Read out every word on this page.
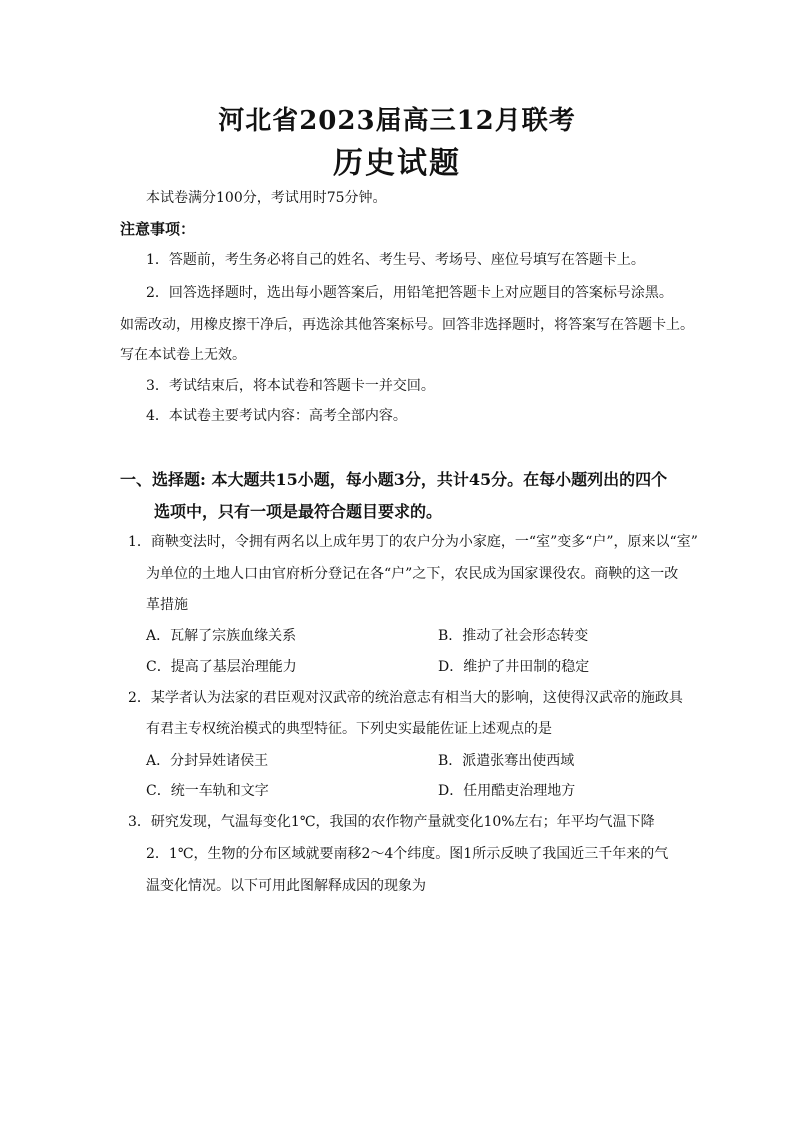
河北省2023届高三12月联考
历史试题
本试卷满分100分，考试用时75分钟。
注意事项：
1．答题前，考生务必将自己的姓名、考生号、考场号、座位号填写在答题卡上。
2．回答选择题时，选出每小题答案后，用铅笔把答题卡上对应题目的答案标号涂黑。
如需改动，用橡皮擦干净后，再选涂其他答案标号。回答非选择题时，将答案写在答题卡上。
写在本试卷上无效。
3．考试结束后，将本试卷和答题卡一并交回。
4．本试卷主要考试内容：高考全部内容。
一、选择题: 本大题共15小题，每小题3分，共计45分。在每小题列出的四个
选项中，只有一项是最符合题目要求的。
1．商鞅变法时，令拥有两名以上成年男丁的农户分为小家庭，一“室”变多“户”，原来以“室”
为单位的土地人口由官府析分登记在各“户”之下，农民成为国家课役农。商鞅的这一改
革措施
A．瓦解了宗族血缘关系	B．推动了社会形态转变
C．提高了基层治理能力	D．维护了井田制的稳定
2．某学者认为法家的君臣观对汉武帝的统治意志有相当大的影响，这使得汉武帝的施政具
有君主专权统治模式的典型特征。下列史实最能佐证上述观点的是
A．分封异姓诸侯王	B．派遣张骞出使西域
C．统一车轨和文字	D．任用酷吏治理地方
3．研究发现，气温每变化1℃，我国的农作物产量就变化10%左右；年平均气温下降
2．1℃，生物的分布区域就要南移2～4个纬度。图1所示反映了我国近三千年来的气
温变化情况。以下可用此图解释成因的现象为
